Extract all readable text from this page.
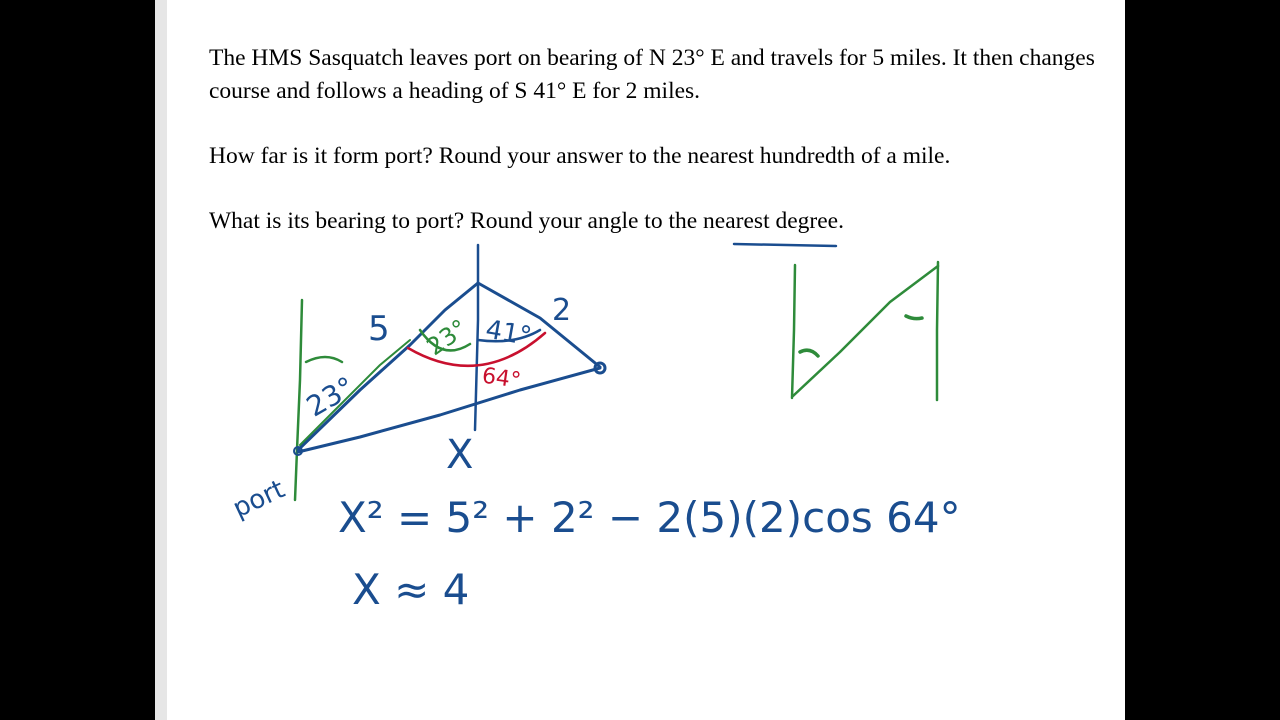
The HMS Sasquatch leaves port on bearing of N 23° E and travels for 5 miles. It then changes course and follows a heading of S 41° E for 2 miles.

How far is it form port? Round your answer to the nearest hundredth of a mile.

What is its bearing to port? Round your angle to the nearest degree.

5	2
23°
23° 41°
64°
port
X
X² = 5² + 2² − 2(5)(2)cos 64°
X ≈ 4
